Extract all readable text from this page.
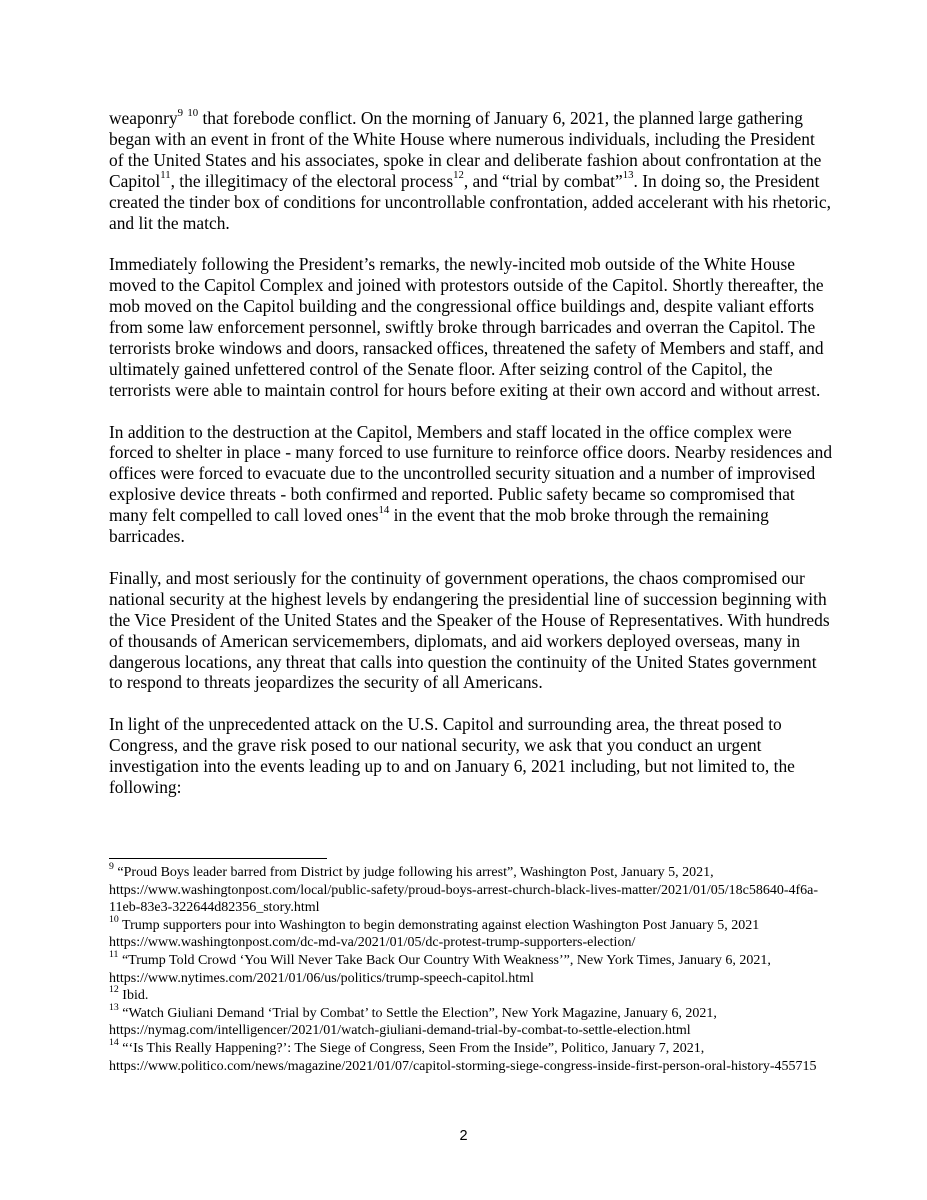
weaponry$^9$ $^{10}$ that forebode conflict. On the morning of January 6, 2021, the planned large gathering began with an event in front of the White House where numerous individuals, including the President of the United States and his associates, spoke in clear and deliberate fashion about confrontation at the Capitol$^{11}$, the illegitimacy of the electoral process$^{12}$, and “trial by combat”$^{13}$. In doing so, the President created the tinder box of conditions for uncontrollable confrontation, added accelerant with his rhetoric, and lit the match.

Immediately following the President’s remarks, the newly-incited mob outside of the White House moved to the Capitol Complex and joined with protestors outside of the Capitol. Shortly thereafter, the mob moved on the Capitol building and the congressional office buildings and, despite valiant efforts from some law enforcement personnel, swiftly broke through barricades and overran the Capitol. The terrorists broke windows and doors, ransacked offices, threatened the safety of Members and staff, and ultimately gained unfettered control of the Senate floor. After seizing control of the Capitol, the terrorists were able to maintain control for hours before exiting at their own accord and without arrest.

In addition to the destruction at the Capitol, Members and staff located in the office complex were forced to shelter in place - many forced to use furniture to reinforce office doors. Nearby residences and offices were forced to evacuate due to the uncontrolled security situation and a number of improvised explosive device threats - both confirmed and reported. Public safety became so compromised that many felt compelled to call loved ones$^{14}$ in the event that the mob broke through the remaining barricades.

Finally, and most seriously for the continuity of government operations, the chaos compromised our national security at the highest levels by endangering the presidential line of succession beginning with the Vice President of the United States and the Speaker of the House of Representatives. With hundreds of thousands of American servicemembers, diplomats, and aid workers deployed overseas, many in dangerous locations, any threat that calls into question the continuity of the United States government to respond to threats jeopardizes the security of all Americans.

In light of the unprecedented attack on the U.S. Capitol and surrounding area, the threat posed to Congress, and the grave risk posed to our national security, we ask that you conduct an urgent investigation into the events leading up to and on January 6, 2021 including, but not limited to, the following:

$^9$ “Proud Boys leader barred from District by judge following his arrest”, Washington Post, January 5, 2021, https://www.washingtonpost.com/local/public-safety/proud-boys-arrest-church-black-lives-matter/2021/01/05/18c58640-4f6a-11eb-83e3-322644d82356_story.html

$^{10}$ Trump supporters pour into Washington to begin demonstrating against election Washington Post January 5, 2021 https://www.washingtonpost.com/dc-md-va/2021/01/05/dc-protest-trump-supporters-election/

$^{11}$ “Trump Told Crowd ‘You Will Never Take Back Our Country With Weakness’”, New York Times, January 6, 2021, https://www.nytimes.com/2021/01/06/us/politics/trump-speech-capitol.html

$^{12}$ Ibid.

$^{13}$ “Watch Giuliani Demand ‘Trial by Combat’ to Settle the Election”, New York Magazine, January 6, 2021, https://nymag.com/intelligencer/2021/01/watch-giuliani-demand-trial-by-combat-to-settle-election.html

$^{14}$ “‘Is This Really Happening?’: The Siege of Congress, Seen From the Inside”, Politico, January 7, 2021, https://www.politico.com/news/magazine/2021/01/07/capitol-storming-siege-congress-inside-first-person-oral-history-455715

2
